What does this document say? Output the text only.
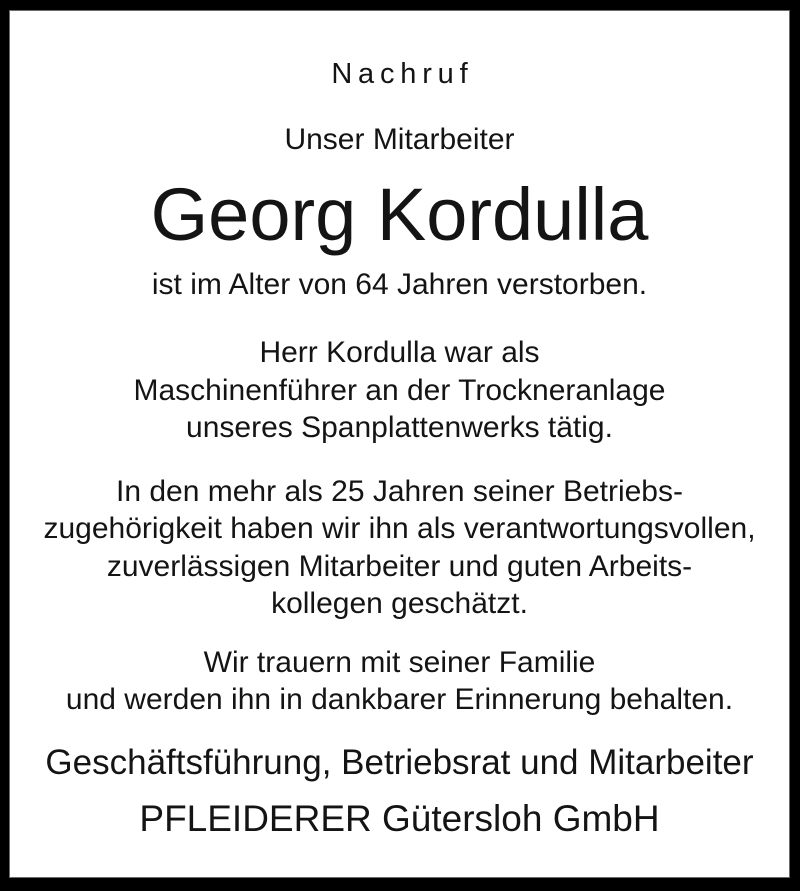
Nachruf
Unser Mitarbeiter
Georg Kordulla
ist im Alter von 64 Jahren verstorben.
Herr Kordulla war als
Maschinenführer an der Trockneranlage
unseres Spanplattenwerks tätig.
In den mehr als 25 Jahren seiner Betriebs-
zugehörigkeit haben wir ihn als verantwortungsvollen,
zuverlässigen Mitarbeiter und guten Arbeits-
kollegen geschätzt.
Wir trauern mit seiner Familie
und werden ihn in dankbarer Erinnerung behalten.
Geschäftsführung, Betriebsrat und Mitarbeiter
PFLEIDERER Gütersloh GmbH
